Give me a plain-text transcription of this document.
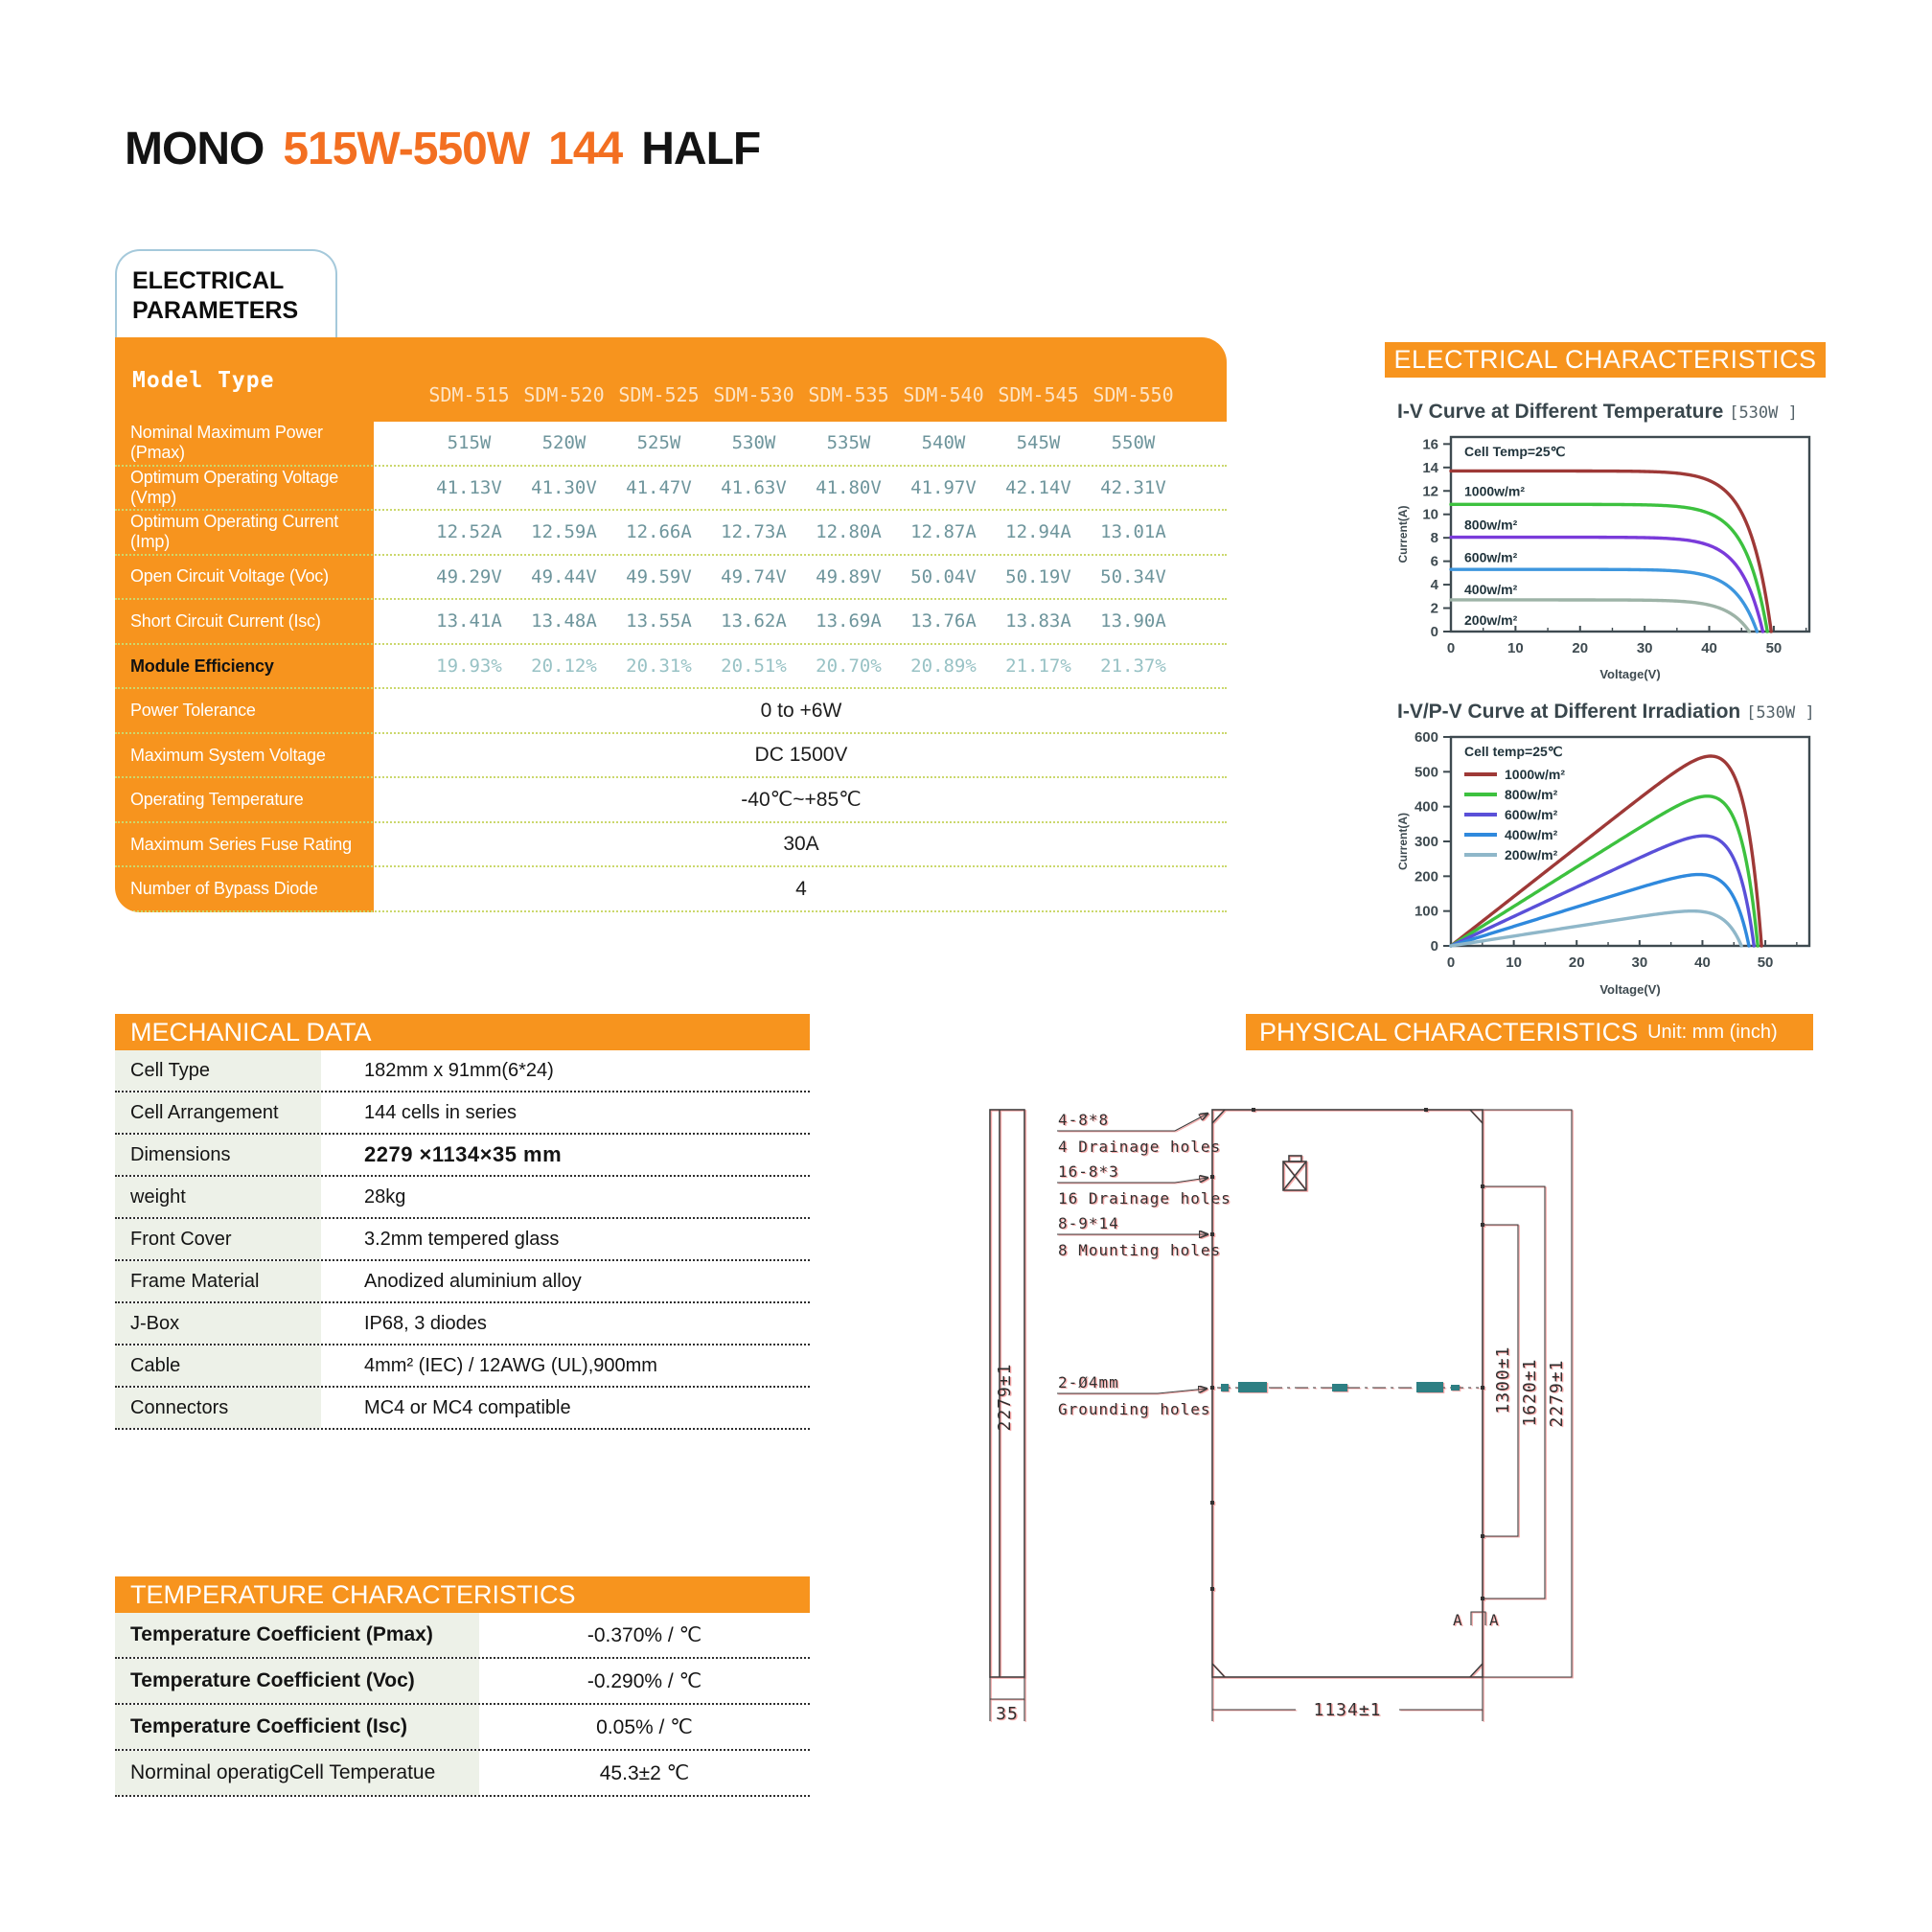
MONO 515W-550W 144 HALF
ELECTRICAL
PARAMETERS
Model Type
SDM-515 SDM-520 SDM-525 SDM-530 SDM-535 SDM-540 SDM-545 SDM-550
Nominal Maximum Power (Pmax)	515W	520W	525W	530W	535W	540W	545W	550W
Optimum Operating Voltage (Vmp)	41.13V	41.30V	41.47V	41.63V	41.80V	41.97V	42.14V	42.31V
Optimum Operating Current (Imp)	12.52A	12.59A	12.66A	12.73A	12.80A	12.87A	12.94A	13.01A
Open Circuit Voltage (Voc)	49.29V	49.44V	49.59V	49.74V	49.89V	50.04V	50.19V	50.34V
Short Circuit Current (Isc)	13.41A	13.48A	13.55A	13.62A	13.69A	13.76A	13.83A	13.90A
Module Efficiency	19.93%	20.12%	20.31%	20.51%	20.70%	20.89%	21.17%	21.37%
Power Tolerance	0 to +6W
Maximum System Voltage	DC 1500V
Operating Temperature	-40℃~+85℃
Maximum Series Fuse Rating	30A
Number of Bypass Diode	4
ELECTRICAL CHARACTERISTICS
I-V Curve at Different Temperature [530W ]
0
2
4
6
8
10
12
14
16
0	10	20	30	40	50
Current(A)
Voltage(V)
Cell Temp=25℃
1000w/m²
800w/m²
600w/m²
400w/m²
200w/m²
I-V/P-V Curve at Different Irradiation [530W ]
0
100
200
300
400
500
600
0	10	20	30	40	50
Current(A)
Voltage(V)
Cell temp=25℃
1000w/m²
800w/m²
600w/m²
400w/m²
200w/m²
MECHANICAL DATA
Cell Type	182mm x 91mm(6*24)
Cell Arrangement	144 cells in series
Dimensions	2279 ×1134×35 mm
weight	28kg
Front Cover	3.2mm tempered glass
Frame Material	Anodized aluminium alloy
J-Box	IP68, 3 diodes
Cable	4mm² (IEC) / 12AWG (UL),900mm
Connectors	MC4 or MC4 compatible
TEMPERATURE CHARACTERISTICS
Temperature Coefficient (Pmax)	-0.370% / ℃
Temperature Coefficient (Voc)	-0.290% / ℃
Temperature Coefficient (Isc)	0.05% / ℃
Norminal operatigCell Temperatue	45.3±2 ℃
PHYSICAL CHARACTERISTICS Unit: mm (inch)
2279±1
35
4-8*8
4 Drainage holes
16-8*3
16 Drainage holes
8-9*14
8 Mounting holes
2-Ø4mm
Grounding holes	1300±1 1620±1 2279±1
A A
1134±1
